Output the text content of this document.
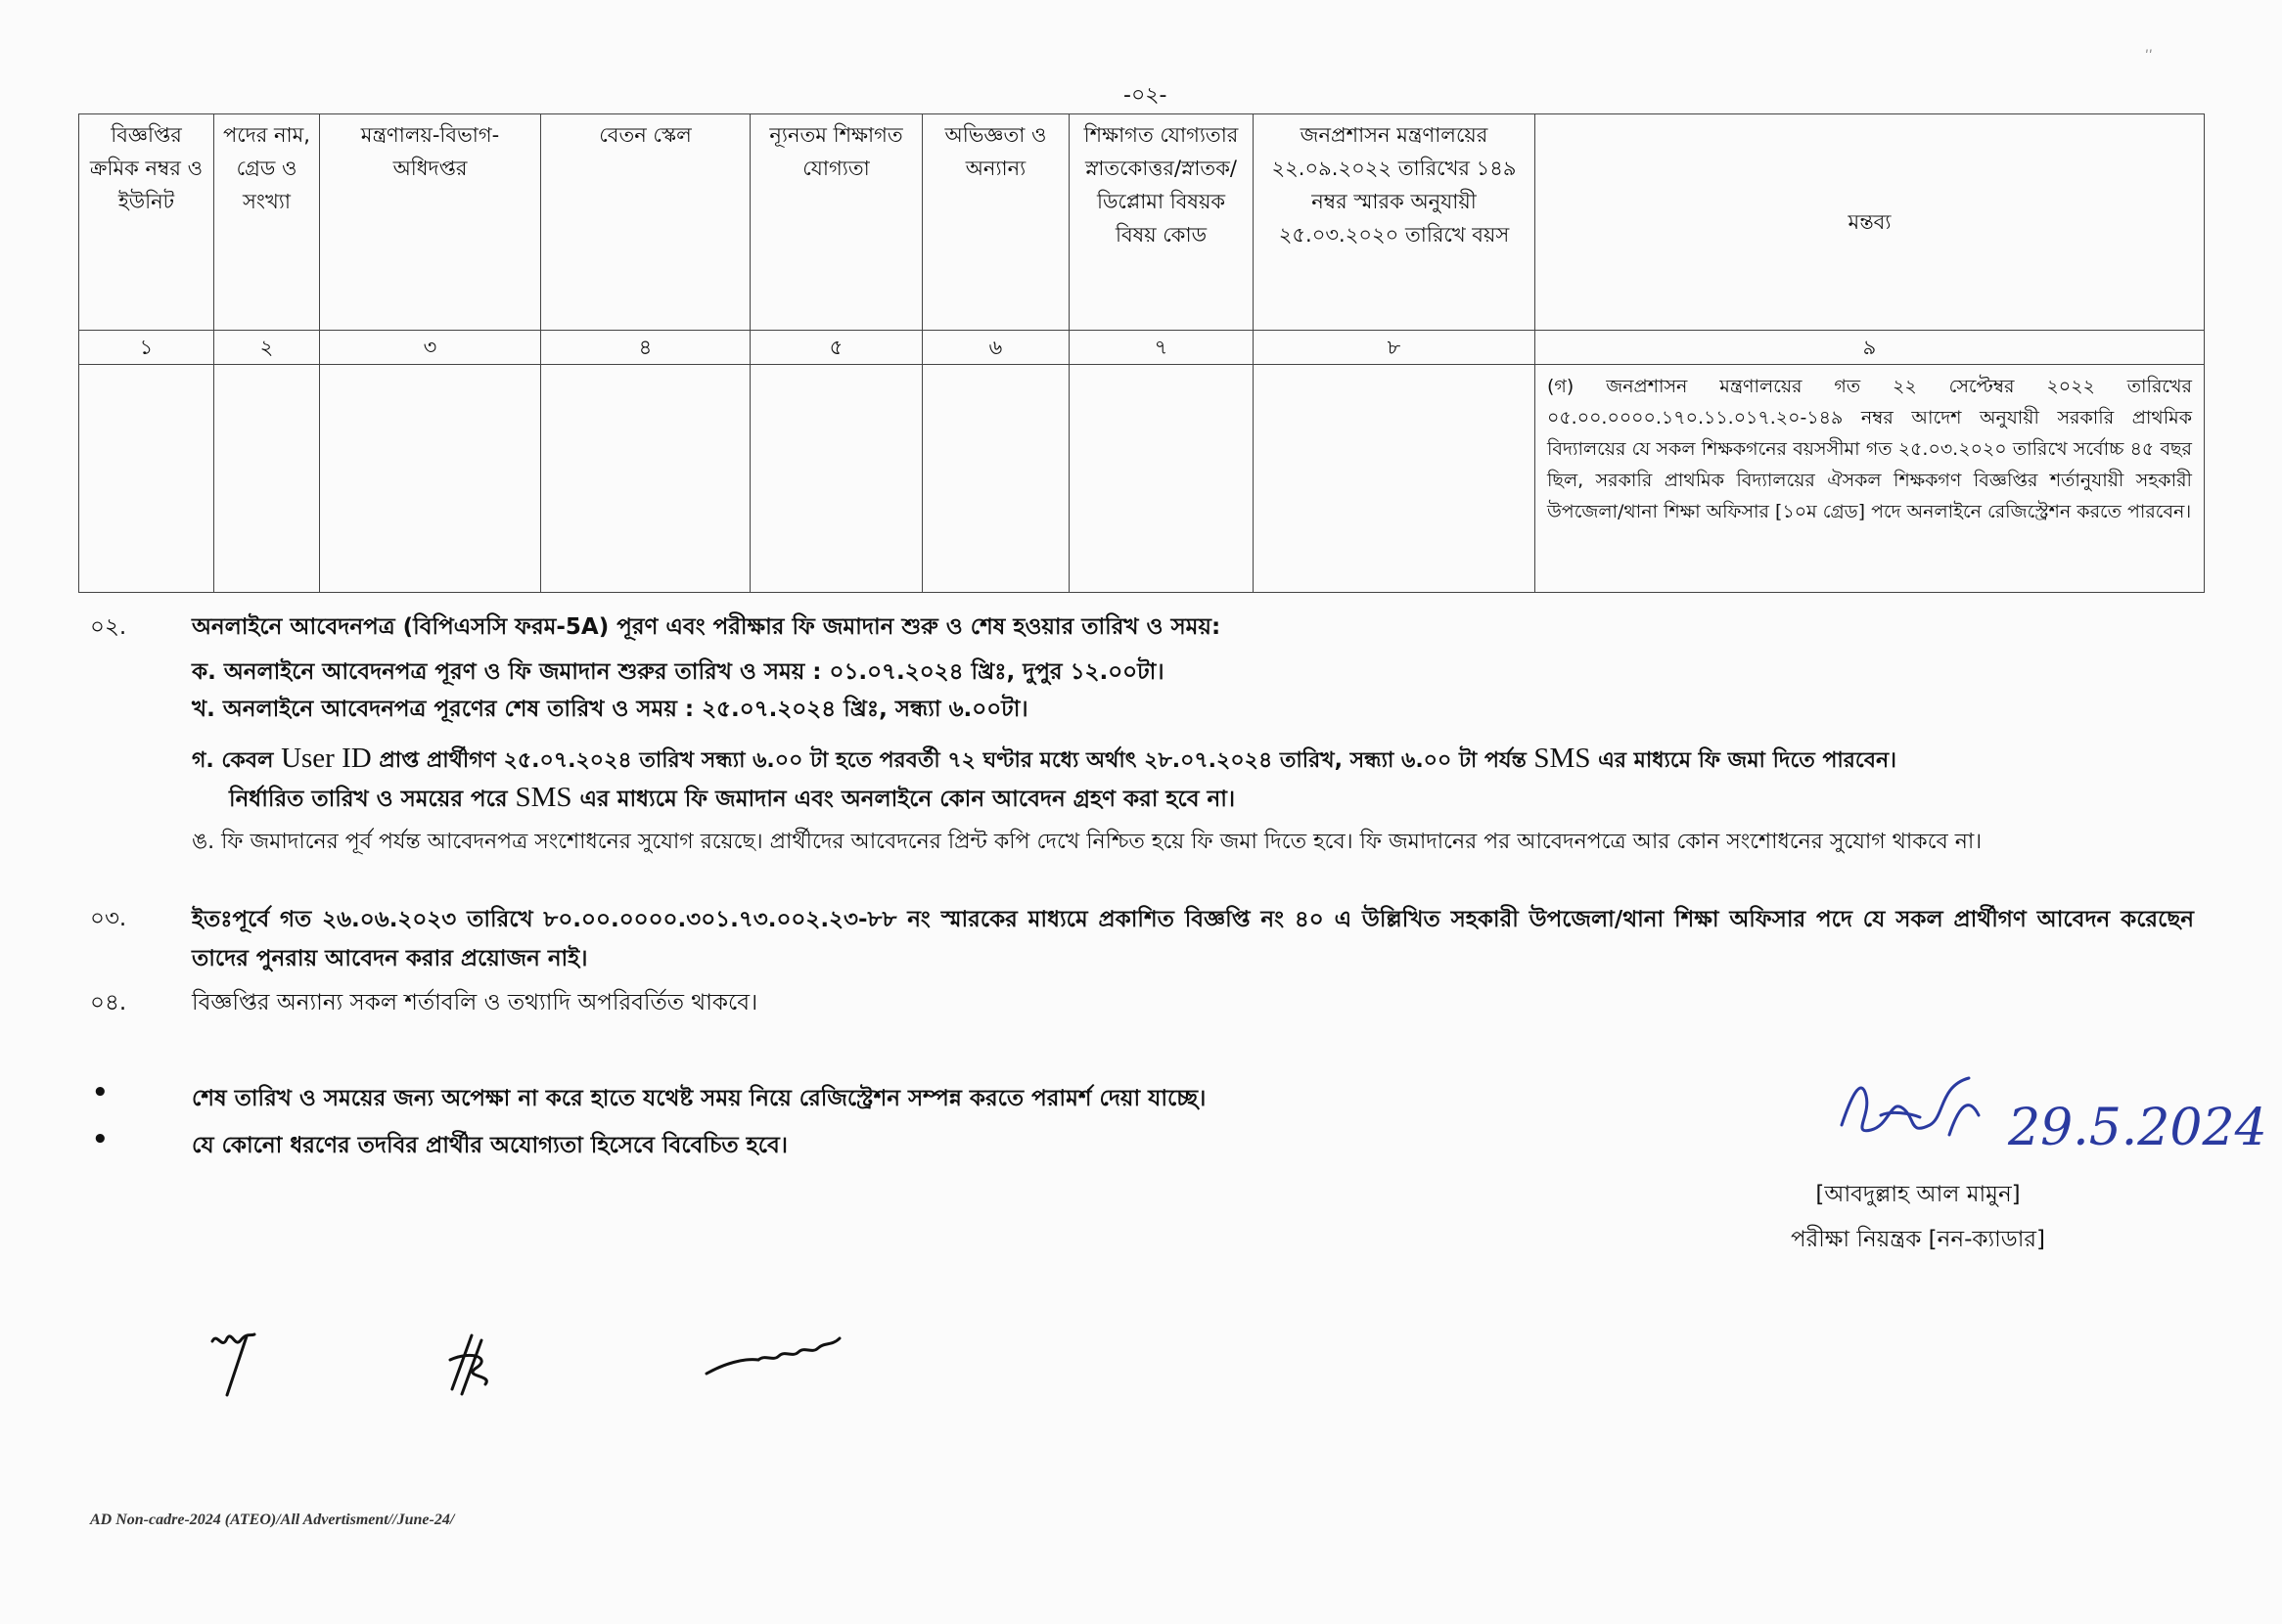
-০২-
ʹʹ
বিজ্ঞপ্তির ক্রমিক নম্বর ও ইউনিট	পদের নাম, গ্রেড ও সংখ্যা	মন্ত্রণালয়-বিভাগ-অধিদপ্তর	বেতন স্কেল	ন্যূনতম শিক্ষাগত যোগ্যতা	অভিজ্ঞতা ও অন্যান্য	শিক্ষাগত যোগ্যতার স্নাতকোত্তর/স্নাতক/ডিপ্লোমা বিষয়ক বিষয় কোড	জনপ্রশাসন মন্ত্রণালয়ের ২২.০৯.২০২২ তারিখের ১৪৯ নম্বর স্মারক অনুযায়ী ২৫.০৩.২০২০ তারিখে বয়স	মন্তব্য
১	২	৩	৪	৫	৬	৭	৮	৯
								(গ) জনপ্রশাসন মন্ত্রণালয়ের গত ২২ সেপ্টেম্বর ২০২২ তারিখের ০৫.০০.০০০০.১৭০.১১.০১৭.২০-১৪৯ নম্বর আদেশ অনুযায়ী সরকারি প্রাথমিক বিদ্যালয়ের যে সকল শিক্ষকগনের বয়সসীমা গত ২৫.০৩.২০২০ তারিখে সর্বোচ্চ ৪৫ বছর ছিল, সরকারি প্রাথমিক বিদ্যালয়ের ঐসকল শিক্ষকগণ বিজ্ঞপ্তির শর্তানুযায়ী সহকারী উপজেলা/থানা শিক্ষা অফিসার [১০ম গ্রেড] পদে অনলাইনে রেজিস্ট্রেশন করতে পারবেন।
০২.	অনলাইনে আবেদনপত্র (বিপিএসসি ফরম-5A) পূরণ এবং পরীক্ষার ফি জমাদান শুরু ও শেষ হওয়ার তারিখ ও সময়:
ক. অনলাইনে আবেদনপত্র পূরণ ও ফি জমাদান শুরুর তারিখ ও সময় : ০১.০৭.২০২৪ খ্রিঃ, দুপুর ১২.০০টা।
খ. অনলাইনে আবেদনপত্র পূরণের শেষ তারিখ ও সময় : ২৫.০৭.২০২৪ খ্রিঃ, সন্ধ্যা ৬.০০টা।
গ. কেবল User ID প্রাপ্ত প্রার্থীগণ ২৫.০৭.২০২৪ তারিখ সন্ধ্যা ৬.০০ টা হতে পরবর্তী ৭২ ঘণ্টার মধ্যে অর্থাৎ ২৮.০৭.২০২৪ তারিখ, সন্ধ্যা ৬.০০ টা পর্যন্ত SMS এর মাধ্যমে ফি জমা দিতে পারবেন।
নির্ধারিত তারিখ ও সময়ের পরে SMS এর মাধ্যমে ফি জমাদান এবং অনলাইনে কোন আবেদন গ্রহণ করা হবে না।
ঙ. ফি জমাদানের পূর্ব পর্যন্ত আবেদনপত্র সংশোধনের সুযোগ রয়েছে। প্রার্থীদের আবেদনের প্রিন্ট কপি দেখে নিশ্চিত হয়ে ফি জমা দিতে হবে। ফি জমাদানের পর আবেদনপত্রে আর কোন সংশোধনের সুযোগ থাকবে না।
০৩.	ইতঃপূর্বে গত ২৬.০৬.২০২৩ তারিখে ৮০.০০.০০০০.৩০১.৭৩.০০২.২৩-৮৮ নং স্মারকের মাধ্যমে প্রকাশিত বিজ্ঞপ্তি নং ৪০ এ উল্লিখিত সহকারী উপজেলা/থানা শিক্ষা অফিসার পদে যে সকল প্রার্থীগণ আবেদন করেছেন তাদের পুনরায় আবেদন করার প্রয়োজন নাই।
০৪.	বিজ্ঞপ্তির অন্যান্য সকল শর্তাবলি ও তথ্যাদি অপরিবর্তিত থাকবে।
•	শেষ তারিখ ও সময়ের জন্য অপেক্ষা না করে হাতে যথেষ্ট সময় নিয়ে রেজিস্ট্রেশন সম্পন্ন করতে পরামর্শ দেয়া যাচ্ছে।
•	যে কোনো ধরণের তদবির প্রার্থীর অযোগ্যতা হিসেবে বিবেচিত হবে।	29.5.2024
[আবদুল্লাহ আল মামুন]
পরীক্ষা নিয়ন্ত্রক [নন-ক্যাডার]
AD Non-cadre-2024 (ATEO)/All Advertisment//June-24/
